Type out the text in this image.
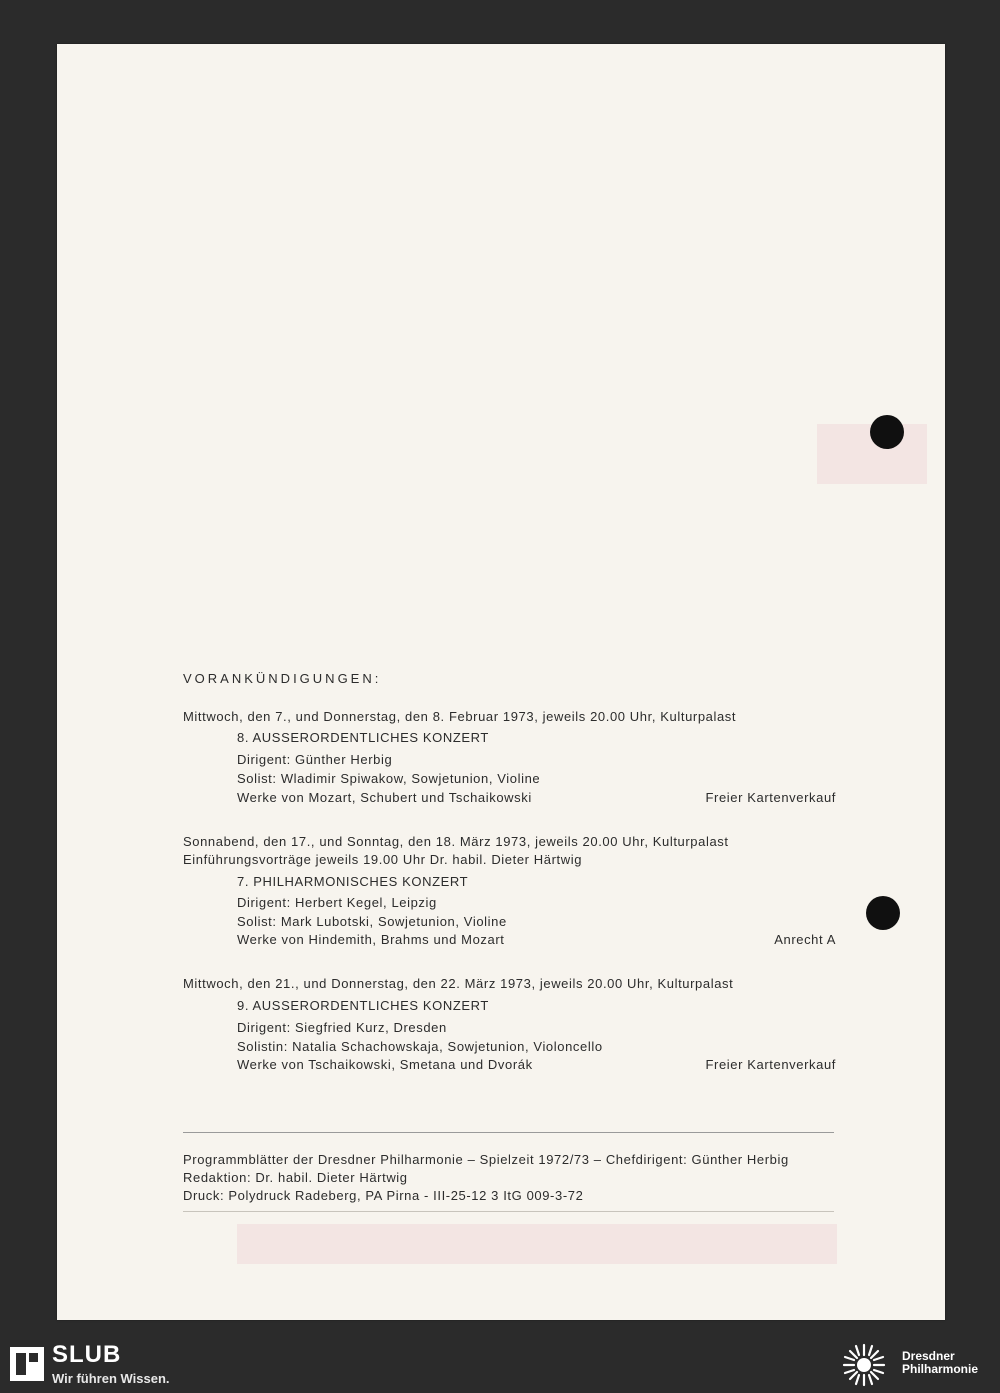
VORANKÜNDIGUNGEN:
Mittwoch, den 7., und Donnerstag, den 8. Februar 1973, jeweils 20.00 Uhr, Kulturpalast
8. AUSSERORDENTLICHES KONZERT
Dirigent: Günther Herbig
Solist: Wladimir Spiwakow, Sowjetunion, Violine
Werke von Mozart, Schubert und Tschaikowski	Freier Kartenverkauf
Sonnabend, den 17., und Sonntag, den 18. März 1973, jeweils 20.00 Uhr, Kulturpalast
Einführungsvorträge jeweils 19.00 Uhr Dr. habil. Dieter Härtwig
7. PHILHARMONISCHES KONZERT
Dirigent: Herbert Kegel, Leipzig
Solist: Mark Lubotski, Sowjetunion, Violine
Werke von Hindemith, Brahms und Mozart	Anrecht A
Mittwoch, den 21., und Donnerstag, den 22. März 1973, jeweils 20.00 Uhr, Kulturpalast
9. AUSSERORDENTLICHES KONZERT
Dirigent: Siegfried Kurz, Dresden
Solistin: Natalia Schachowskaja, Sowjetunion, Violoncello
Werke von Tschaikowski, Smetana und Dvorák	Freier Kartenverkauf
Programmblätter der Dresdner Philharmonie – Spielzeit 1972/73 – Chefdirigent: Günther Herbig
Redaktion: Dr. habil. Dieter Härtwig
Druck: Polydruck Radeberg, PA Pirna - III-25-12 3 ItG 009-3-72
SLUB
Wir führen Wissen.
Dresdner
Philharmonie
